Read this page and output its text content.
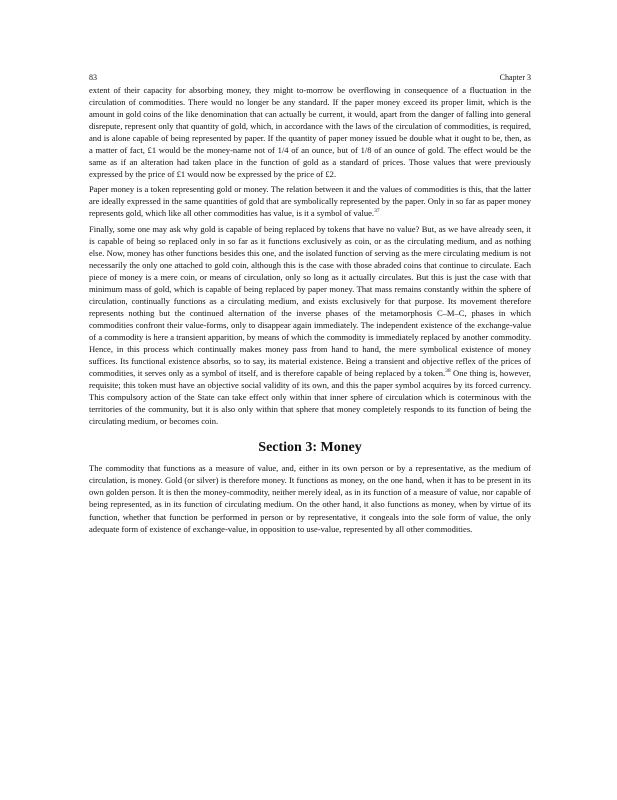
83	Chapter 3

extent of their capacity for absorbing money, they might to-morrow be overflowing in consequence of a fluctuation in the circulation of commodities. There would no longer be any standard. If the paper money exceed its proper limit, which is the amount in gold coins of the like denomination that can actually be current, it would, apart from the danger of falling into general disrepute, represent only that quantity of gold, which, in accordance with the laws of the circulation of commodities, is required, and is alone capable of being represented by paper. If the quantity of paper money issued be double what it ought to be, then, as a matter of fact, £1 would be the money-name not of 1/4 of an ounce, but of 1/8 of an ounce of gold. The effect would be the same as if an alteration had taken place in the function of gold as a standard of prices. Those values that were previously expressed by the price of £1 would now be expressed by the price of £2.

Paper money is a token representing gold or money. The relation between it and the values of commodities is this, that the latter are ideally expressed in the same quantities of gold that are symbolically represented by the paper. Only in so far as paper money represents gold, which like all other commodities has value, is it a symbol of value.$^{37}$

Finally, some one may ask why gold is capable of being replaced by tokens that have no value? But, as we have already seen, it is capable of being so replaced only in so far as it functions exclusively as coin, or as the circulating medium, and as nothing else. Now, money has other functions besides this one, and the isolated function of serving as the mere circulating medium is not necessarily the only one attached to gold coin, although this is the case with those abraded coins that continue to circulate. Each piece of money is a mere coin, or means of circulation, only so long as it actually circulates. But this is just the case with that minimum mass of gold, which is capable of being replaced by paper money. That mass remains constantly within the sphere of circulation, continually functions as a circulating medium, and exists exclusively for that purpose. Its movement therefore represents nothing but the continued alternation of the inverse phases of the metamorphosis C–M–C, phases in which commodities confront their value-forms, only to disappear again immediately. The independent existence of the exchange-value of a commodity is here a transient apparition, by means of which the commodity is immediately replaced by another commodity. Hence, in this process which continually makes money pass from hand to hand, the mere symbolical existence of money suffices. Its functional existence absorbs, so to say, its material existence. Being a transient and objective reflex of the prices of commodities, it serves only as a symbol of itself, and is therefore capable of being replaced by a token.$^{38}$ One thing is, however, requisite; this token must have an objective social validity of its own, and this the paper symbol acquires by its forced currency. This compulsory action of the State can take effect only within that inner sphere of circulation which is coterminous with the territories of the community, but it is also only within that sphere that money completely responds to its function of being the circulating medium, or becomes coin.

Section 3: Money

The commodity that functions as a measure of value, and, either in its own person or by a representative, as the medium of circulation, is money. Gold (or silver) is therefore money. It functions as money, on the one hand, when it has to be present in its own golden person. It is then the money-commodity, neither merely ideal, as in its function of a measure of value, nor capable of being represented, as in its function of circulating medium. On the other hand, it also functions as money, when by virtue of its function, whether that function be performed in person or by representative, it congeals into the sole form of value, the only adequate form of existence of exchange-value, in opposition to use-value, represented by all other commodities.
